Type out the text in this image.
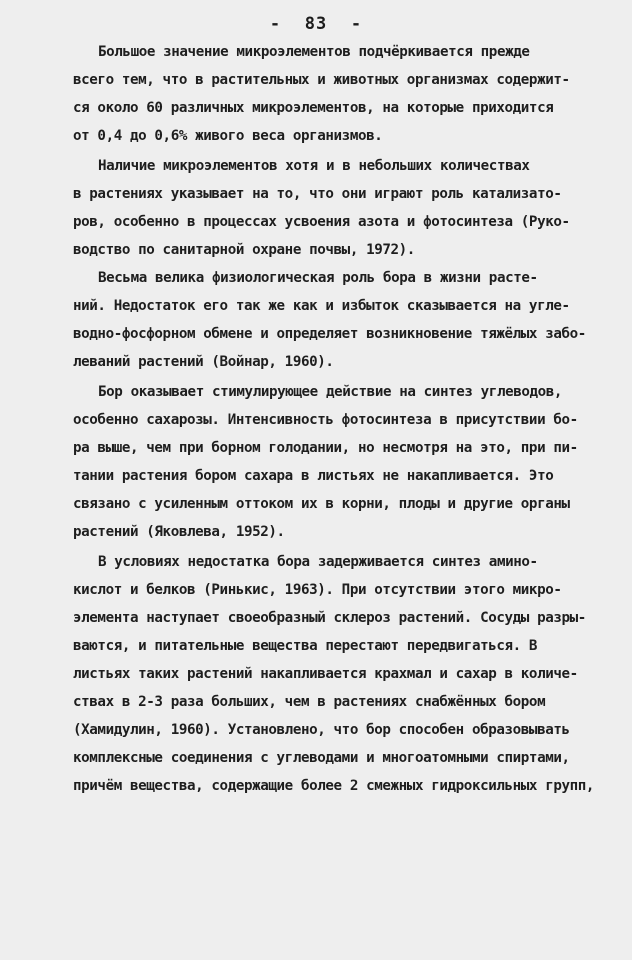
- 83 -
Большое значение микроэлементов подчёркивается прежде
всего тем, что в растительных и животных организмах содержит-
ся около 60 различных микроэлементов, на которые приходится
от 0,4 до 0,6% живого веса организмов.
Наличие микроэлементов хотя и в небольших количествах
в растениях указывает на то, что они играют роль катализато-
ров, особенно в процессах усвоения азота и фотосинтеза (Руко-
водство по санитарной охране почвы, 1972).
Весьма велика физиологическая роль бора в жизни расте-
ний. Недостаток его так же как и избыток сказывается на угле-
водно-фосфорном обмене и определяет возникновение тяжёлых забо-
леваний растений (Войнар, 1960).
Бор оказывает стимулирующее действие на синтез углеводов,
особенно сахарозы. Интенсивность фотосинтеза в присутствии бо-
ра выше, чем при борном голодании, но несмотря на это, при пи-
тании растения бором сахара в листьях не накапливается. Это
связано с усиленным оттоком их в корни, плоды и другие органы
растений (Яковлева, 1952).
В условиях недостатка бора задерживается синтез амино-
кислот и белков (Ринькис, 1963). При отсутствии этого микро-
элемента наступает своеобразный склероз растений. Сосуды разры-
ваются, и питательные вещества перестают передвигаться. В
листьях таких растений накапливается крахмал и сахар в количе-
ствах в 2-3 раза больших, чем в растениях снабжённых бором
(Хамидулин, 1960). Установлено, что бор способен образовывать
комплексные соединения с углеводами и многоатомными спиртами,
причём вещества, содержащие более 2 смежных гидроксильных групп,
